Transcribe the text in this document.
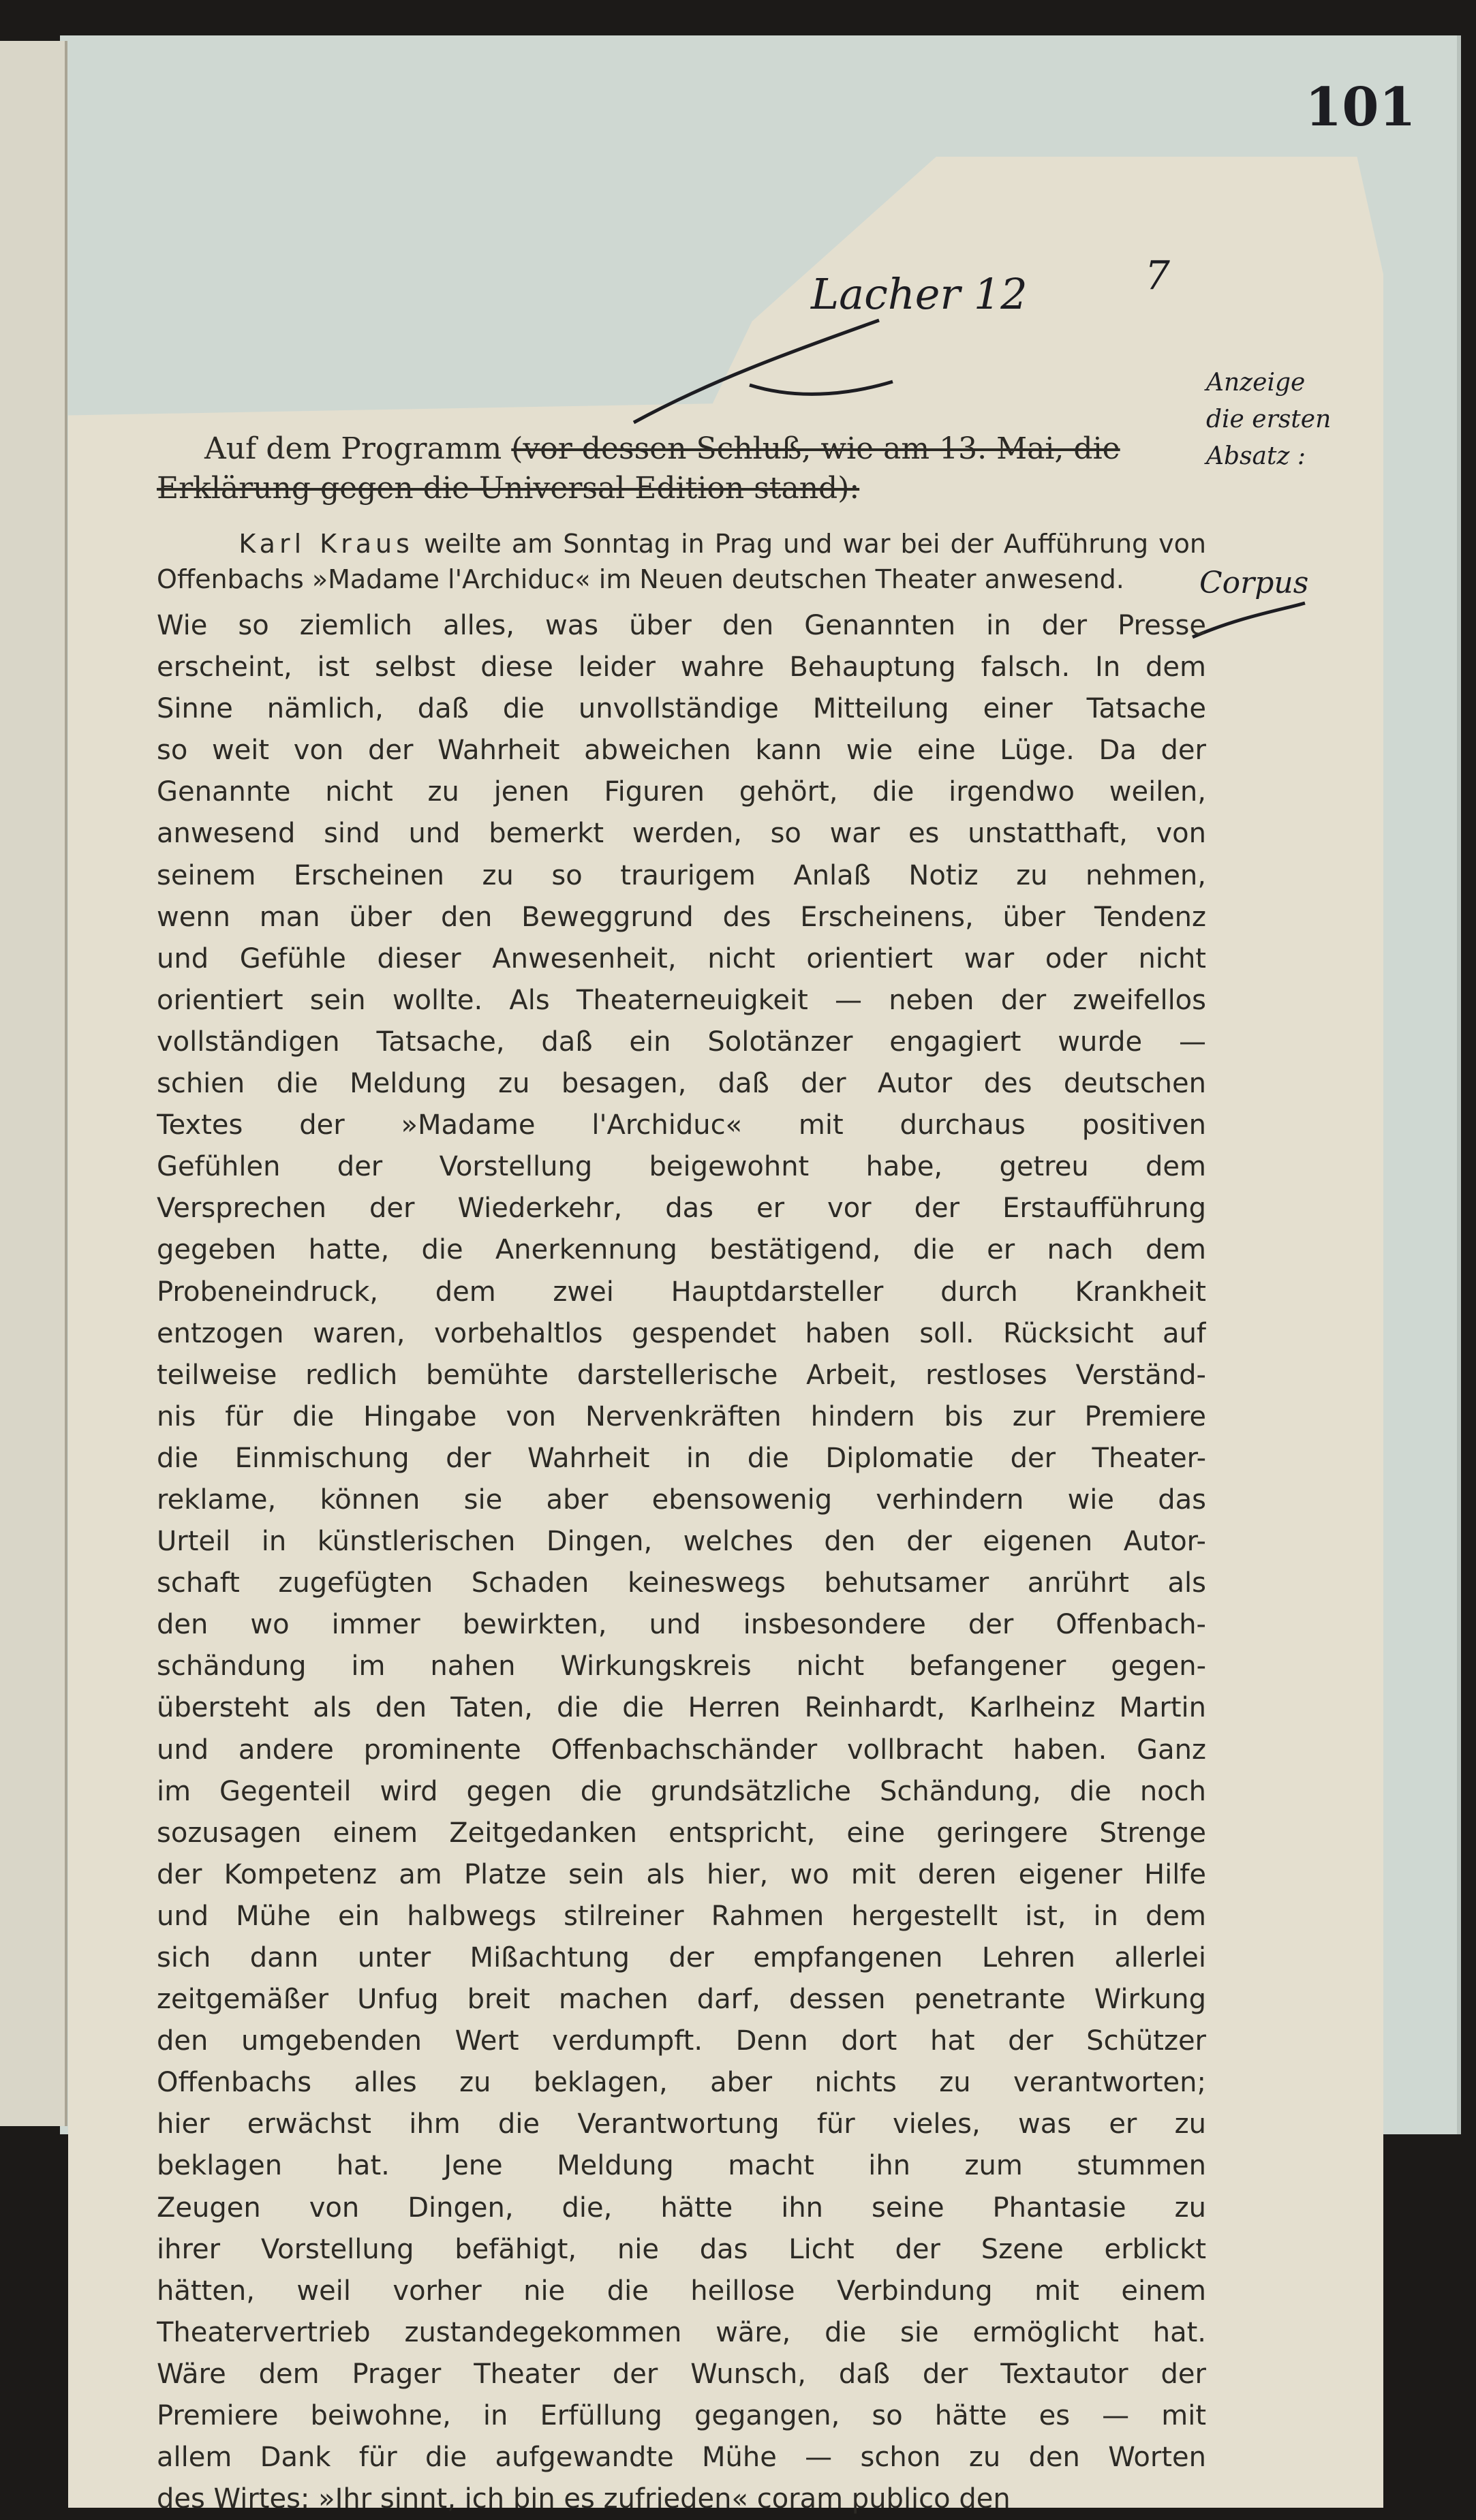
101
Lacher 12	7
Anzeige
die ersten
Absatz :
Corpus

Auf dem Programm (vor dessen Schluß, wie am 13. Mai, die Erklärung gegen die Universal Edition stand):

Karl Kraus weilte am Sonntag in Prag und war bei der Aufführung von Offenbachs »Madame l'Archiduc« im Neuen deutschen Theater anwesend.

Wie so ziemlich alles, was über den Genannten in der Presse
erscheint, ist selbst diese leider wahre Behauptung falsch. In dem
Sinne nämlich, daß die unvollständige Mitteilung einer Tatsache
so weit von der Wahrheit abweichen kann wie eine Lüge. Da der
Genannte nicht zu jenen Figuren gehört, die irgendwo weilen,
anwesend sind und bemerkt werden, so war es unstatthaft, von
seinem Erscheinen zu so traurigem Anlaß Notiz zu nehmen,
wenn man über den Beweggrund des Erscheinens, über Tendenz
und Gefühle dieser Anwesenheit, nicht orientiert war oder nicht
orientiert sein wollte. Als Theaterneuigkeit — neben der zweifellos
vollständigen Tatsache, daß ein Solotänzer engagiert wurde —
schien die Meldung zu besagen, daß der Autor des deutschen
Textes der »Madame l'Archiduc« mit durchaus positiven
Gefühlen der Vorstellung beigewohnt habe, getreu dem
Versprechen der Wiederkehr, das er vor der Erstaufführung
gegeben hatte, die Anerkennung bestätigend, die er nach dem
Probeneindruck, dem zwei Hauptdarsteller durch Krankheit
entzogen waren, vorbehaltlos gespendet haben soll. Rücksicht auf
teilweise redlich bemühte darstellerische Arbeit, restloses Verständ-
nis für die Hingabe von Nervenkräften hindern bis zur Premiere
die Einmischung der Wahrheit in die Diplomatie der Theater-
reklame, können sie aber ebensowenig verhindern wie das
Urteil in künstlerischen Dingen, welches den der eigenen Autor-
schaft zugefügten Schaden keineswegs behutsamer anrührt als
den wo immer bewirkten, und insbesondere der Offenbach-
schändung im nahen Wirkungskreis nicht befangener gegen-
übersteht als den Taten, die die Herren Reinhardt, Karlheinz Martin
und andere prominente Offenbachschänder vollbracht haben. Ganz
im Gegenteil wird gegen die grundsätzliche Schändung, die noch
sozusagen einem Zeitgedanken entspricht, eine geringere Strenge
der Kompetenz am Platze sein als hier, wo mit deren eigener Hilfe
und Mühe ein halbwegs stilreiner Rahmen hergestellt ist, in dem
sich dann unter Mißachtung der empfangenen Lehren allerlei
zeitgemäßer Unfug breit machen darf, dessen penetrante Wirkung
den umgebenden Wert verdumpft. Denn dort hat der Schützer
Offenbachs alles zu beklagen, aber nichts zu verantworten;
hier erwächst ihm die Verantwortung für vieles, was er zu
beklagen hat. Jene Meldung macht ihn zum stummen
Zeugen von Dingen, die, hätte ihn seine Phantasie zu
ihrer Vorstellung befähigt, nie das Licht der Szene erblickt
hätten, weil vorher nie die heillose Verbindung mit einem
Theatervertrieb zustandegekommen wäre, die sie ermöglicht hat.
Wäre dem Prager Theater der Wunsch, daß der Textautor der
Premiere beiwohne, in Erfüllung gegangen, so hätte es — mit
allem Dank für die aufgewandte Mühe — schon zu den Worten
des Wirtes: »Ihr sinnt, ich bin es zufrieden« coram publico den
